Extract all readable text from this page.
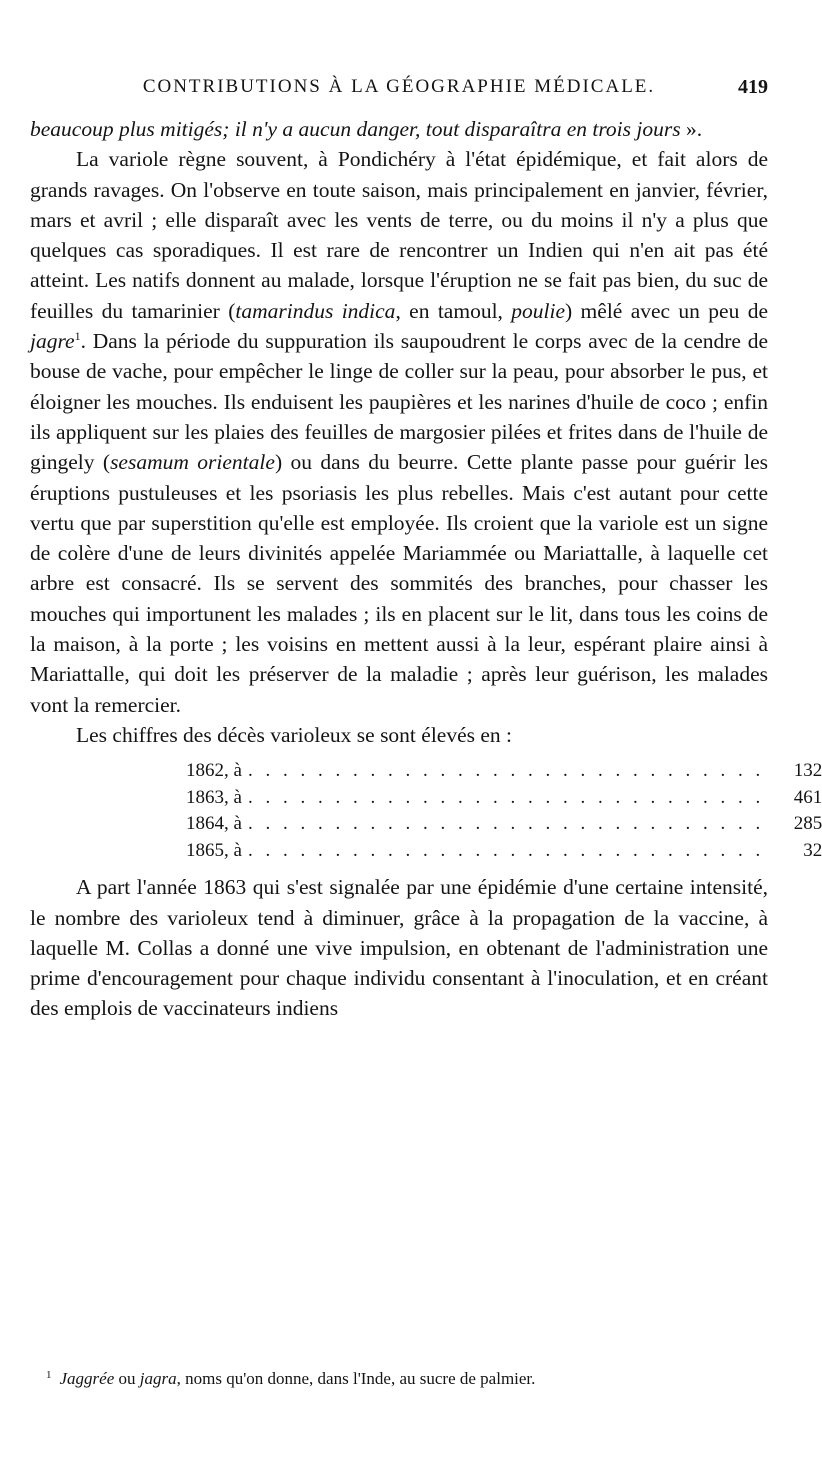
CONTRIBUTIONS À LA GÉOGRAPHIE MÉDICALE.	419

beaucoup plus mitigés; il n'y a aucun danger, tout disparaîtra en trois jours ».

La variole règne souvent, à Pondichéry à l'état épidémique, et fait alors de grands ravages. On l'observe en toute saison, mais principalement en janvier, février, mars et avril ; elle disparaît avec les vents de terre, ou du moins il n'y a plus que quelques cas sporadiques. Il est rare de rencontrer un Indien qui n'en ait pas été atteint. Les natifs donnent au malade, lorsque l'éruption ne se fait pas bien, du suc de feuilles du tamarinier (tamarindus indica, en tamoul, poulie) mêlé avec un peu de jagre$^1$. Dans la période du suppuration ils saupoudrent le corps avec de la cendre de bouse de vache, pour empêcher le linge de coller sur la peau, pour absorber le pus, et éloigner les mouches. Ils enduisent les paupières et les narines d'huile de coco ; enfin ils appliquent sur les plaies des feuilles de margosier pilées et frites dans de l'huile de gingely (sesamum orientale) ou dans du beurre. Cette plante passe pour guérir les éruptions pustuleuses et les psoriasis les plus rebelles. Mais c'est autant pour cette vertu que par superstition qu'elle est employée. Ils croient que la variole est un signe de colère d'une de leurs divinités appelée Mariammée ou Mariattalle, à laquelle cet arbre est consacré. Ils se servent des sommités des branches, pour chasser les mouches qui importunent les malades ; ils en placent sur le lit, dans tous les coins de la maison, à la porte ; les voisins en mettent aussi à la leur, espérant plaire ainsi à Mariattalle, qui doit les préserver de la maladie ; après leur guérison, les malades vont la remercier.

Les chiffres des décès varioleux se sont élevés en :

1862, à . . . . . . . . . . . . . . . . . . . . . . . . . . . . . .	132
1863, à . . . . . . . . . . . . . . . . . . . . . . . . . . . . . .	461
1864, à . . . . . . . . . . . . . . . . . . . . . . . . . . . . . .	285
1865, à . . . . . . . . . . . . . . . . . . . . . . . . . . . . . .	32

A part l'année 1863 qui s'est signalée par une épidémie d'une certaine intensité, le nombre des varioleux tend à diminuer, grâce à la propagation de la vaccine, à laquelle M. Collas a donné une vive impulsion, en obtenant de l'administration une prime d'encouragement pour chaque individu consentant à l'inoculation, et en créant des emplois de vaccinateurs indiens

$^1$ Jaggrée ou jagra, noms qu'on donne, dans l'Inde, au sucre de palmier.
